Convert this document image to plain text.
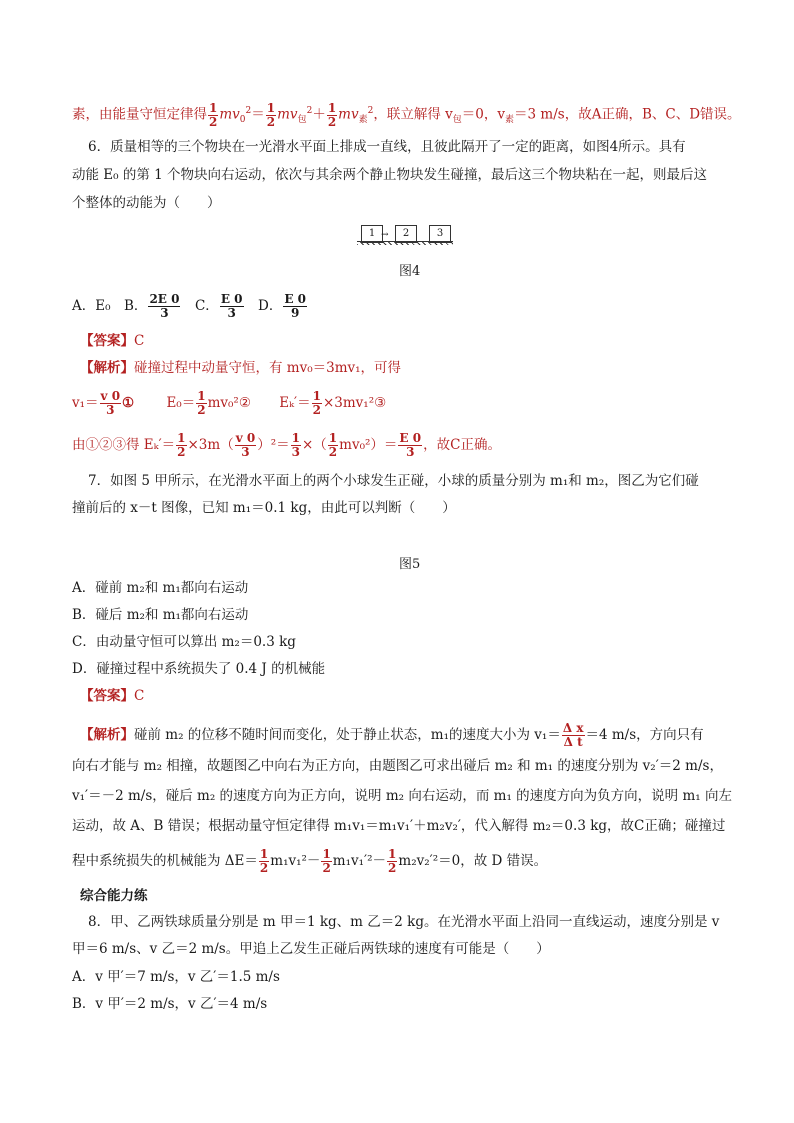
素，由能量守恒定律得 $\frac{1}{2} mv_0^2= \frac{1}{2} mv_包^2+ \frac{1}{2} mv_素^2$，联立解得 $v_包=0$，$v_素=3$ m/s，故A正确，B、C、D错误。
6．质量相等的三个物块在一光滑水平面上排成一直线，且彼此隔开了一定的距离，如图4所示。具有
动能 E₀ 的第 1 个物块向右运动，依次与其余两个静止物块发生碰撞，最后这三个物块粘在一起，则最后这
个整体的动能为（　　）
1 →	2	3
图4
A．E₀　B． $\frac{2E 0}{3}$ 　C． $\frac{E 0}{3}$ 　D． $\frac{E 0}{9}$
【答案】C
【解析】碰撞过程中动量守恒，有 mv₀＝3mv₁，可得
$v_1= \frac{v 0}{3}$ ① $E_0= \frac{1}{2}$ mv₀²② $E_k'= \frac{1}{2}$ ×3mv₁²③
由①②③得 $E_k'= \frac{1}{2} \times 3m( \frac{v 0}{3} )^2= \frac{1}{3}$ ×（ $\frac{1}{2} mv_0^2)= \frac{E 0}{3}$ ，故C正确。
7．如图 5 甲所示，在光滑水平面上的两个小球发生正碰，小球的质量分别为 m₁和 m₂，图乙为它们碰
撞前后的 x－t 图像，已知 m₁＝0.1 kg，由此可以判断（　　）
图5
A．碰前 m₂和 m₁都向右运动
B．碰后 m₂和 m₁都向右运动
C．由动量守恒可以算出 m₂＝0.3 kg
D．碰撞过程中系统损失了 0.4 J 的机械能
【答案】C
【解析】碰前 m₂ 的位移不随时间而变化，处于静止状态，m₁的速度大小为 $v_1= \frac{\text{Δ x}}{\text{Δ t}} =4$ m/s，方向只有
向右才能与 m₂ 相撞，故题图乙中向右为正方向，由题图乙可求出碰后 m₂ 和 m₁ 的速度分别为 v₂′＝2 m/s，
v₁′＝－2 m/s，碰后 m₂ 的速度方向为正方向，说明 m₂ 向右运动，而 m₁ 的速度方向为负方向，说明 m₁ 向左
运动，故 A、B 错误；根据动量守恒定律得 m₁v₁＝m₁v₁′＋m₂v₂′，代入解得 m₂＝0.3 kg，故C正确；碰撞过
程中系统损失的机械能为 $\Delta E= \frac{1}{2} m_1v_1^2- \frac{1}{2} m_1v_1'^2- \frac{1}{2} m_2v_2'^2=0$，故 D 错误。
综合能力练
8．甲、乙两铁球质量分别是 m 甲＝1 kg、m 乙＝2 kg。在光滑水平面上沿同一直线运动，速度分别是 v
甲＝6 m/s、v 乙＝2 m/s。甲追上乙发生正碰后两铁球的速度有可能是（　　）
A．v 甲′＝7 m/s，v 乙′＝1.5 m/s
B．v 甲′＝2 m/s，v 乙′＝4 m/s
